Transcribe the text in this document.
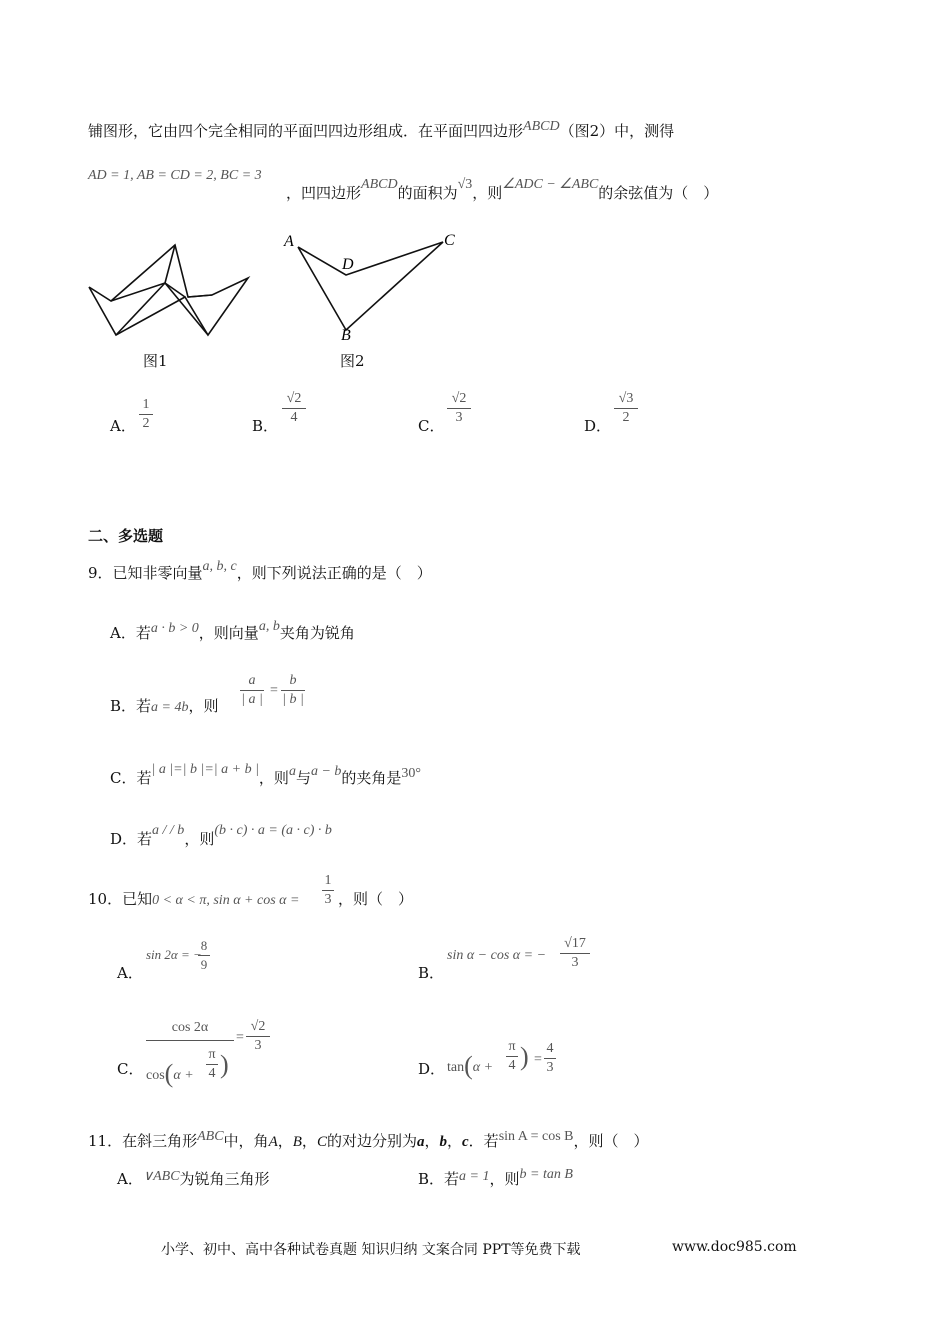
铺图形，它由四个完全相同的平面凹四边形组成．在平面凹四边形ABCD（图2）中，测得
AD = 1, AB = CD = 2, BC = 3
，凹四边形ABCD的面积为√3，则∠ADC − ∠ABC的余弦值为（　）
A
D
C
B
图1	图2
A．
1
2	B．
√2
4	C．
√2
3	D．
√3
2
二、多选题
9．已知非零向量a, b, c，则下列说法正确的是（　）
A．若a · b > 0，则向量a, b夹角为锐角
B．若a = 4b，则
a
| a |
=
b
| b |
C．若| a |=| b |=| a + b |，则a与a − b的夹角是30°
D．若a / / b，则(b · c) · a = (a · c) · b
10．已知0 < α < π, sin α + cos α =
1
3 ，则（　）
A．
sin 2α = −
8
9	B．
sin α − cos α = −
√17
3
C．
cos 2α
cos(α +
π
4 )
=
√2
3
D． tan(α +
π
4 ) =
4
3
11．在斜三角形ABC中，角A，B，C的对边分别为a，b，c．若sin A = cos B，则（　）
A．∨ABC为锐角三角形	B．若a = 1，则b = tan B
小学、初中、高中各种试卷真题 知识归纳 文案合同 PPT等免费下载	www.doc985.com
